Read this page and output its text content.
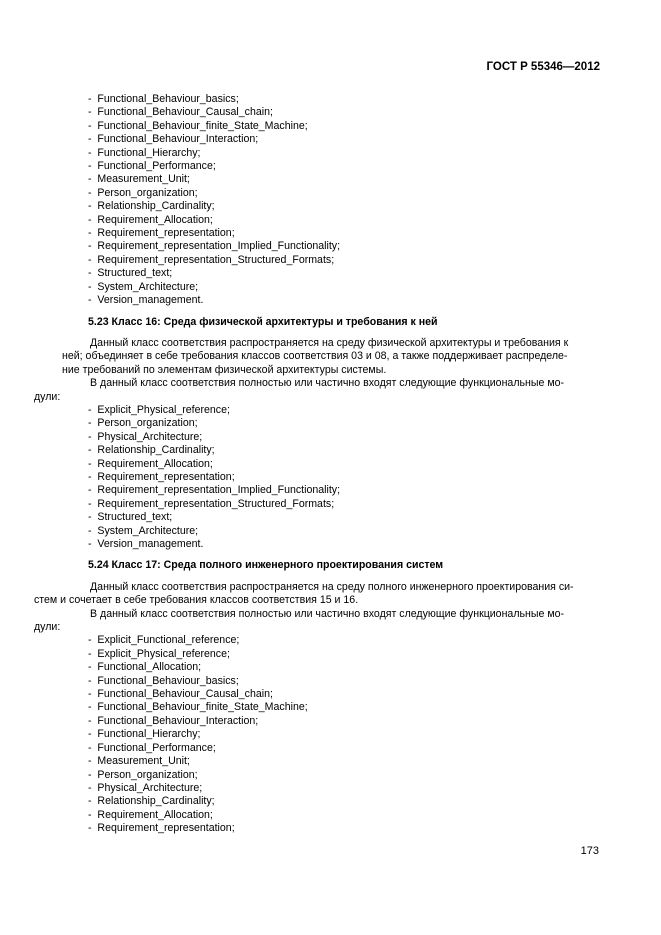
ГОСТ Р 55346—2012
-  Functional_Behaviour_basics;
-  Functional_Behaviour_Causal_chain;
-  Functional_Behaviour_finite_State_Machine;
-  Functional_Behaviour_Interaction;
-  Functional_Hierarchy;
-  Functional_Performance;
-  Measurement_Unit;
-  Person_organization;
-  Relationship_Cardinality;
-  Requirement_Allocation;
-  Requirement_representation;
-  Requirement_representation_Implied_Functionality;
-  Requirement_representation_Structured_Formats;
-  Structured_text;
-  System_Architecture;
-  Version_management.
5.23 Класс 16: Среда физической архитектуры и требования к ней

Данный класс соответствия распространяется на среду физической архитектуры и требования к
ней; объединяет в себе требования классов соответствия 03 и 08, а также поддерживает распределе-
ние требований по элементам физической архитектуры системы.

В данный класс соответствия полностью или частично входят следующие функциональные мо-
дули:

-  Explicit_Physical_reference;
-  Person_organization;
-  Physical_Architecture;
-  Relationship_Cardinality;
-  Requirement_Allocation;
-  Requirement_representation;
-  Requirement_representation_Implied_Functionality;
-  Requirement_representation_Structured_Formats;
-  Structured_text;
-  System_Architecture;
-  Version_management.
5.24 Класс 17: Среда полного инженерного проектирования систем

Данный класс соответствия распространяется на среду полного инженерного проектирования си-
стем и сочетает в себе требования классов соответствия 15 и 16.

В данный класс соответствия полностью или частично входят следующие функциональные мо-
дули:

-  Explicit_Functional_reference;
-  Explicit_Physical_reference;
-  Functional_Allocation;
-  Functional_Behaviour_basics;
-  Functional_Behaviour_Causal_chain;
-  Functional_Behaviour_finite_State_Machine;
-  Functional_Behaviour_Interaction;
-  Functional_Hierarchy;
-  Functional_Performance;
-  Measurement_Unit;
-  Person_organization;
-  Physical_Architecture;
-  Relationship_Cardinality;
-  Requirement_Allocation;
-  Requirement_representation;
173
